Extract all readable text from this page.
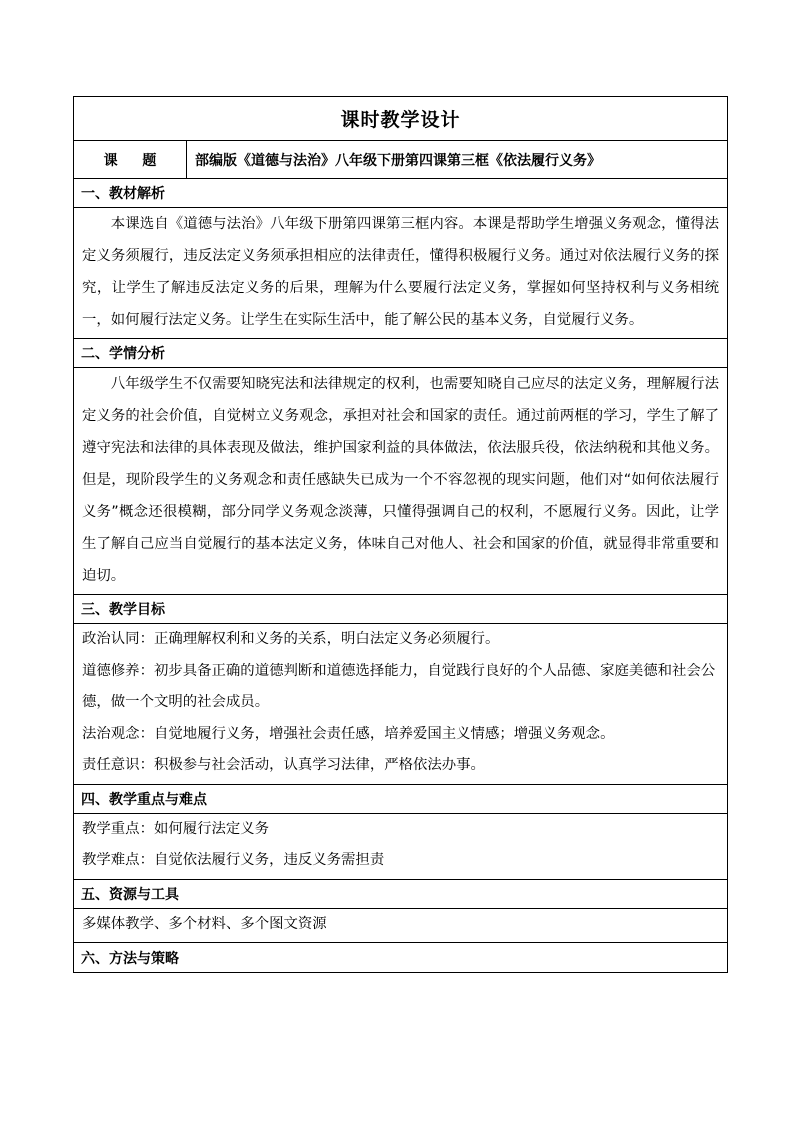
课时教学设计
课 题	部编版《道德与法治》八年级下册第四课第三框《依法履行义务》
一、教材解析

本课选自《道德与法治》八年级下册第四课第三框内容。本课是帮助学生增强义务观念，懂得法定义务须履行，违反法定义务须承担相应的法律责任，懂得积极履行义务。通过对依法履行义务的探究，让学生了解违反法定义务的后果，理解为什么要履行法定义务，掌握如何坚持权利与义务相统一，如何履行法定义务。让学生在实际生活中，能了解公民的基本义务，自觉履行义务。

二、学情分析

八年级学生不仅需要知晓宪法和法律规定的权利，也需要知晓自己应尽的法定义务，理解履行法定义务的社会价值，自觉树立义务观念，承担对社会和国家的责任。通过前两框的学习，学生了解了遵守宪法和法律的具体表现及做法，维护国家利益的具体做法，依法服兵役，依法纳税和其他义务。但是，现阶段学生的义务观念和责任感缺失已成为一个不容忽视的现实问题，他们对“如何依法履行义务”概念还很模糊，部分同学义务观念淡薄，只懂得强调自己的权利，不愿履行义务。因此，让学生了解自己应当自觉履行的基本法定义务，体味自己对他人、社会和国家的价值，就显得非常重要和迫切。

三、教学目标

政治认同：正确理解权利和义务的关系，明白法定义务必须履行。

道德修养：初步具备正确的道德判断和道德选择能力，自觉践行良好的个人品德、家庭美德和社会公德，做一个文明的社会成员。

法治观念：自觉地履行义务，增强社会责任感，培养爱国主义情感；增强义务观念。

责任意识：积极参与社会活动，认真学习法律，严格依法办事。

四、教学重点与难点

教学重点：如何履行法定义务

教学难点：自觉依法履行义务，违反义务需担责

五、资源与工具

多媒体教学、多个材料、多个图文资源

六、方法与策略
